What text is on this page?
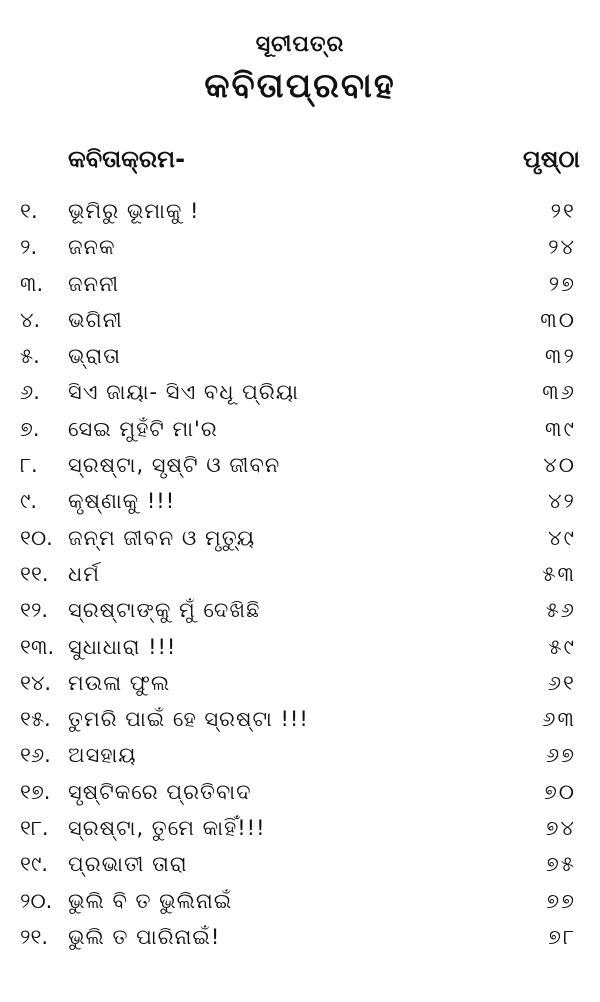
ସୂଚୀପତ୍ର
କବିତାପ୍ରବାହ
କବିତାକ୍ରମ-	ପୃଷ୍ଠା
୧.	ଭୂମିରୁ ଭୂମାକୁ !	୨୧
୨.	ଜନକ	୨୪
୩.	ଜନନୀ	୨୭
୪.	ଭଗିନୀ	୩୦
୫.	ଭ୍ରାତା	୩୨
୬.	ସିଏ ଜାୟା- ସିଏ ବଧୂ ପ୍ରିୟା	୩୬
୭.	ସେଇ ମୁହଁଟି ମା'ର	୩୯
୮.	ସ୍ରଷ୍ଟା, ସୃଷ୍ଟି ଓ ଜୀବନ	୪୦
୯.	କୃଷ୍ଣାକୁ !!!	୪୨
୧୦. ଜନ୍ମ ଜୀବନ ଓ ମୃତ୍ୟୁ	୪୯
୧୧. ଧର୍ମ	୫୩
୧୨. ସ୍ରଷ୍ଟାଙ୍କୁ ମୁଁ ଦେଖିଛି	୫୬
୧୩. ସୁଧାଧାରା !!!	୫୯
୧୪. ମଉଳା ଫୁଲ	୬୧
୧୫. ତୁମରି ପାଇଁ ହେ ସ୍ରଷ୍ଟା !!!	୬୩
୧୬. ଅସହାୟ	୬୭
୧୭. ସୃଷ୍ଟିକରେ ପ୍ରତିବାଦ	୭୦
୧୮. ସ୍ରଷ୍ଟା, ତୁମେ କାହିଁ!!!	୭୪
୧୯. ପ୍ରଭାତୀ ତାରା	୭୫
୨୦. ଭୁଲି ବି ତ ଭୁଲିନାଇଁ	୭୭
୨୧. ଭୁଲି ତ ପାରିନାଇଁ!	୭୮
